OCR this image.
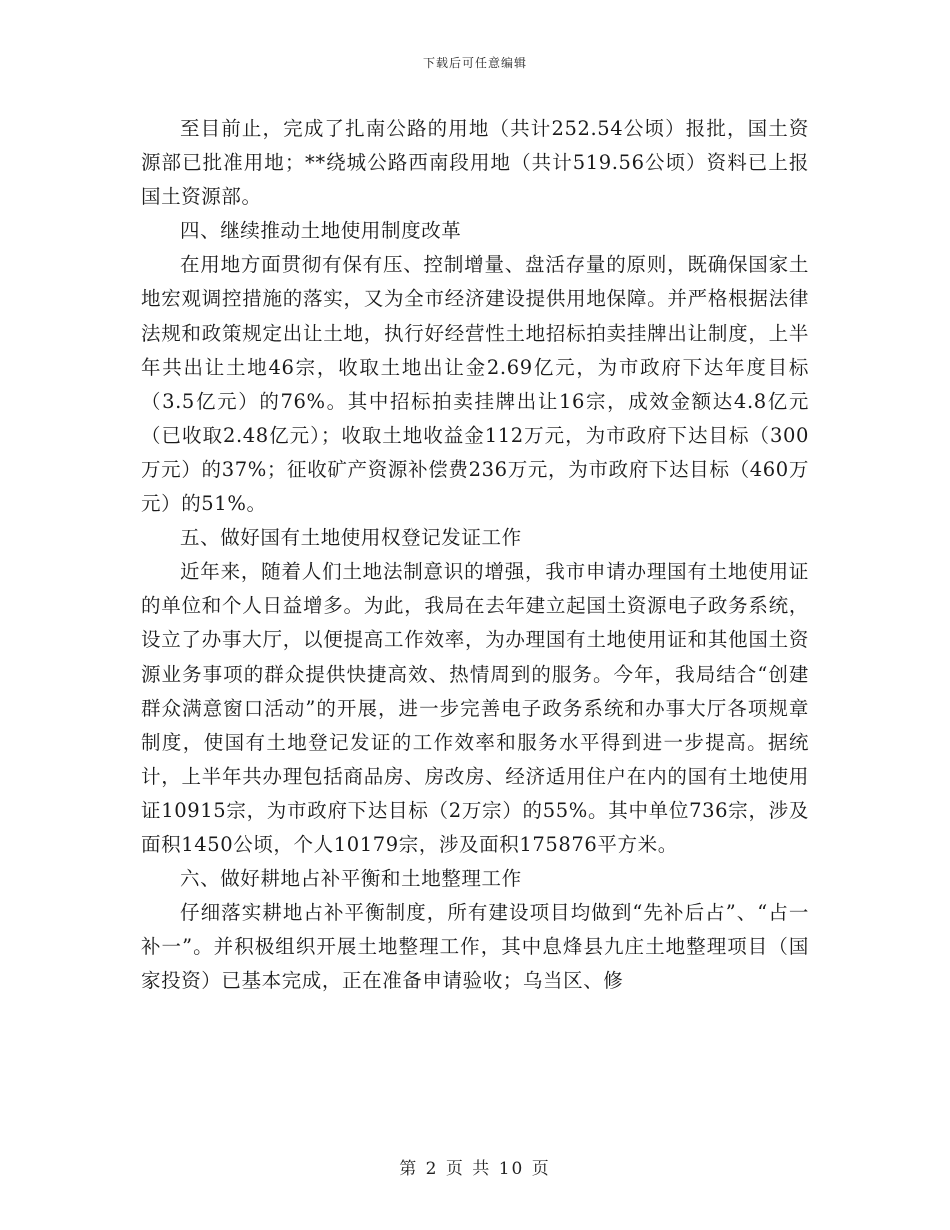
下载后可任意编辑

至目前止，完成了扎南公路的用地（共计252.54公顷）报批，国土资源部已批准用地；**绕城公路西南段用地（共计519.56公顷）资料已上报国土资源部。

四、继续推动土地使用制度改革

在用地方面贯彻有保有压、控制增量、盘活存量的原则，既确保国家土地宏观调控措施的落实，又为全市经济建设提供用地保障。并严格根据法律法规和政策规定出让土地，执行好经营性土地招标拍卖挂牌出让制度，上半年共出让土地46宗，收取土地出让金2.69亿元，为市政府下达年度目标（3.5亿元）的76%。其中招标拍卖挂牌出让16宗，成效金额达4.8亿元（已收取2.48亿元）；收取土地收益金112万元，为市政府下达目标（300万元）的37%；征收矿产资源补偿费236万元，为市政府下达目标（460万元）的51%。

五、做好国有土地使用权登记发证工作

近年来，随着人们土地法制意识的增强，我市申请办理国有土地使用证的单位和个人日益增多。为此，我局在去年建立起国土资源电子政务系统，设立了办事大厅，以便提高工作效率，为办理国有土地使用证和其他国土资源业务事项的群众提供快捷高效、热情周到的服务。今年，我局结合“创建群众满意窗口活动”的开展，进一步完善电子政务系统和办事大厅各项规章制度，使国有土地登记发证的工作效率和服务水平得到进一步提高。据统计，上半年共办理包括商品房、房改房、经济适用住户在内的国有土地使用证10915宗，为市政府下达目标（2万宗）的55%。其中单位736宗，涉及面积1450公顷，个人10179宗，涉及面积175876平方米。

六、做好耕地占补平衡和土地整理工作

仔细落实耕地占补平衡制度，所有建设项目均做到“先补后占”、“占一补一”。并积极组织开展土地整理工作，其中息烽县九庄土地整理项目（国家投资）已基本完成，正在准备申请验收；乌当区、修

第 2 页 共 10 页
